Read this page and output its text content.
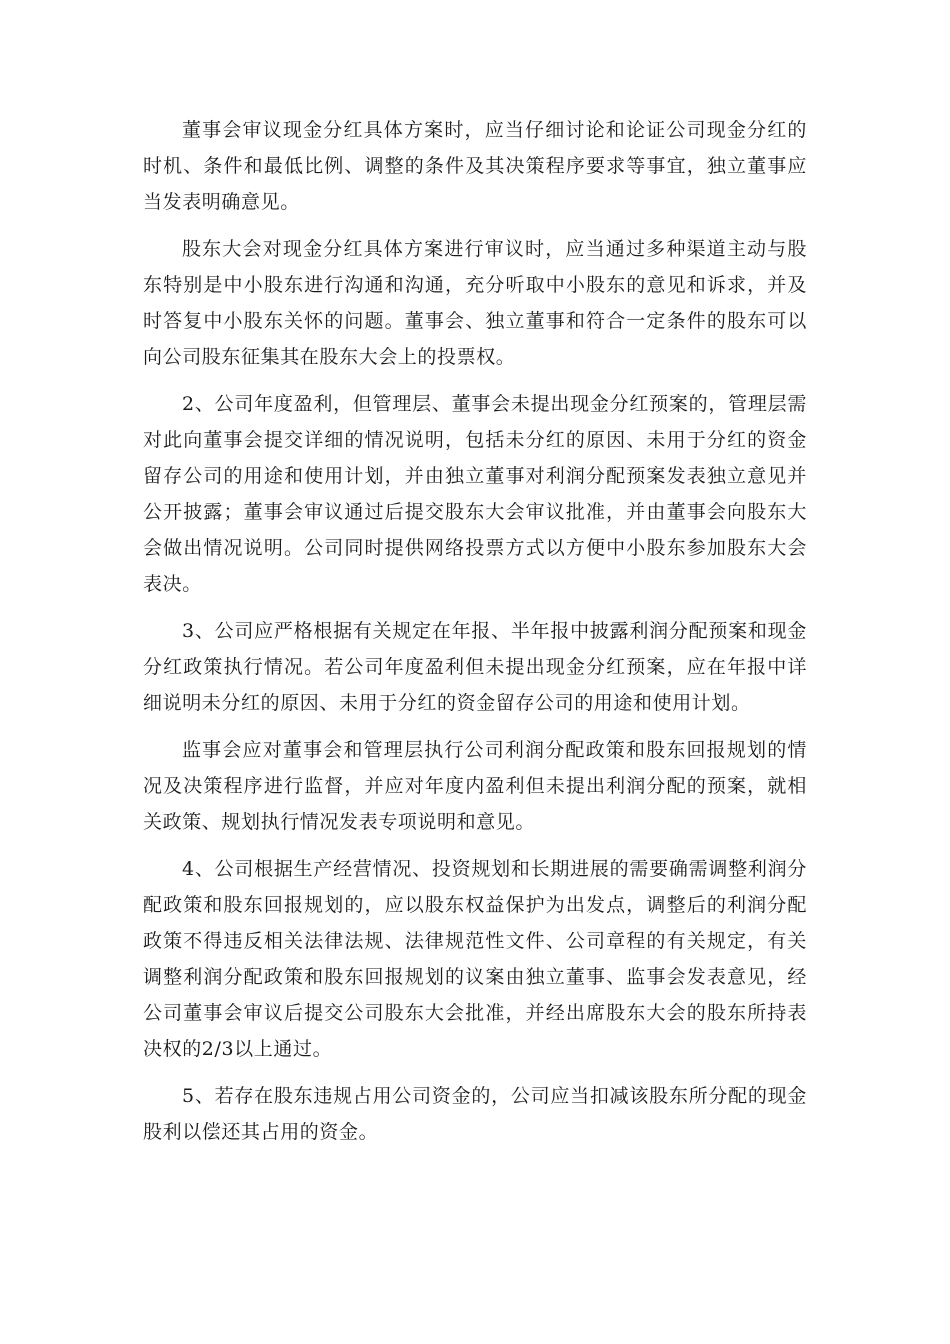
董事会审议现金分红具体方案时，应当仔细讨论和论证公司现金分红的时机、条件和最低比例、调整的条件及其决策程序要求等事宜，独立董事应当发表明确意见。

股东大会对现金分红具体方案进行审议时，应当通过多种渠道主动与股东特别是中小股东进行沟通和沟通，充分听取中小股东的意见和诉求，并及时答复中小股东关怀的问题。董事会、独立董事和符合一定条件的股东可以向公司股东征集其在股东大会上的投票权。

2、公司年度盈利，但管理层、董事会未提出现金分红预案的，管理层需对此向董事会提交详细的情况说明，包括未分红的原因、未用于分红的资金留存公司的用途和使用计划，并由独立董事对利润分配预案发表独立意见并公开披露；董事会审议通过后提交股东大会审议批准，并由董事会向股东大会做出情况说明。公司同时提供网络投票方式以方便中小股东参加股东大会表决。

3、公司应严格根据有关规定在年报、半年报中披露利润分配预案和现金分红政策执行情况。若公司年度盈利但未提出现金分红预案，应在年报中详细说明未分红的原因、未用于分红的资金留存公司的用途和使用计划。

监事会应对董事会和管理层执行公司利润分配政策和股东回报规划的情况及决策程序进行监督，并应对年度内盈利但未提出利润分配的预案，就相关政策、规划执行情况发表专项说明和意见。

4、公司根据生产经营情况、投资规划和长期进展的需要确需调整利润分配政策和股东回报规划的，应以股东权益保护为出发点，调整后的利润分配政策不得违反相关法律法规、法律规范性文件、公司章程的有关规定，有关调整利润分配政策和股东回报规划的议案由独立董事、监事会发表意见，经公司董事会审议后提交公司股东大会批准，并经出席股东大会的股东所持表决权的2/3以上通过。

5、若存在股东违规占用公司资金的，公司应当扣减该股东所分配的现金股利以偿还其占用的资金。
